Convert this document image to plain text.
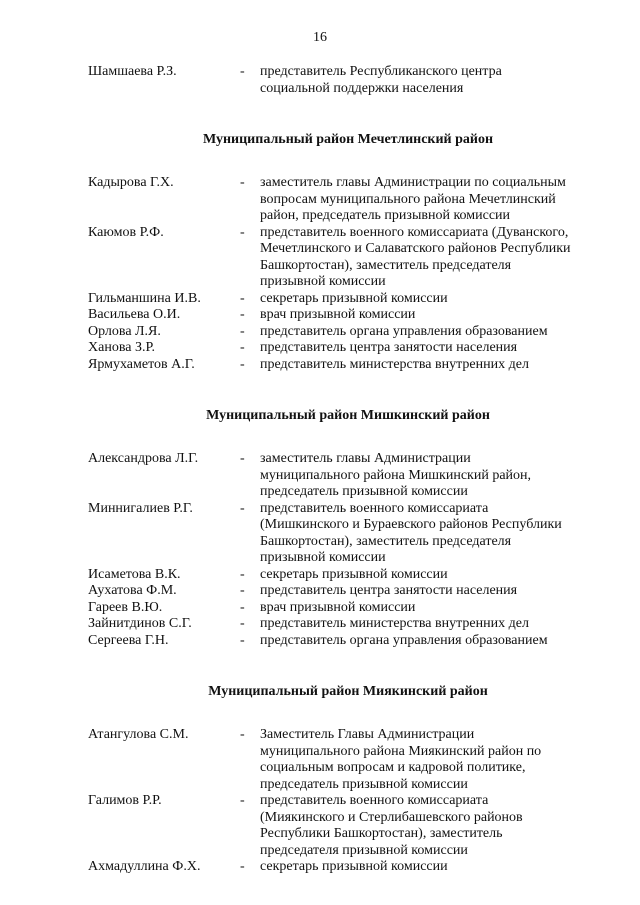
16
Шамшаева Р.З.	- представитель Республиканского центра
социальной поддержки населения
Муниципальный район Мечетлинский район
Кадырова Г.Х.	- заместитель главы Администрации по социальным
вопросам муниципального района Мечетлинский
район, председатель призывной комиссии
Каюмов Р.Ф.	- представитель военного комиссариата (Дуванского,
Мечетлинского и Салаватского районов Республики
Башкортостан), заместитель председателя
призывной комиссии
Гильманшина И.В.	- секретарь призывной комиссии
Васильева О.И.	- врач призывной комиссии
Орлова Л.Я.	- представитель органа управления образованием
Ханова З.Р.	- представитель центра занятости населения
Ярмухаметов А.Г.	- представитель министерства внутренних дел
Муниципальный район Мишкинский район
Александрова Л.Г.	- заместитель главы Администрации
муниципального района Мишкинский район,
председатель призывной комиссии
Миннигалиев Р.Г.	- представитель военного комиссариата
(Мишкинского и Бураевского районов Республики
Башкортостан), заместитель председателя
призывной комиссии
Исаметова В.К.	- секретарь призывной комиссии
Аухатова Ф.М.	- представитель центра занятости населения
Гареев В.Ю.	- врач призывной комиссии
Зайнитдинов С.Г.	- представитель министерства внутренних дел
Сергеева Г.Н.	- представитель органа управления образованием
Муниципальный район Миякинский район
Атангулова С.М.	- Заместитель Главы Администрации
муниципального района Миякинский район по
социальным вопросам и кадровой политике,
председатель призывной комиссии
Галимов Р.Р.	- представитель военного комиссариата
(Миякинского и Стерлибашевского районов
Республики Башкортостан), заместитель
председателя призывной комиссии
Ахмадуллина Ф.Х.	- секретарь призывной комиссии
